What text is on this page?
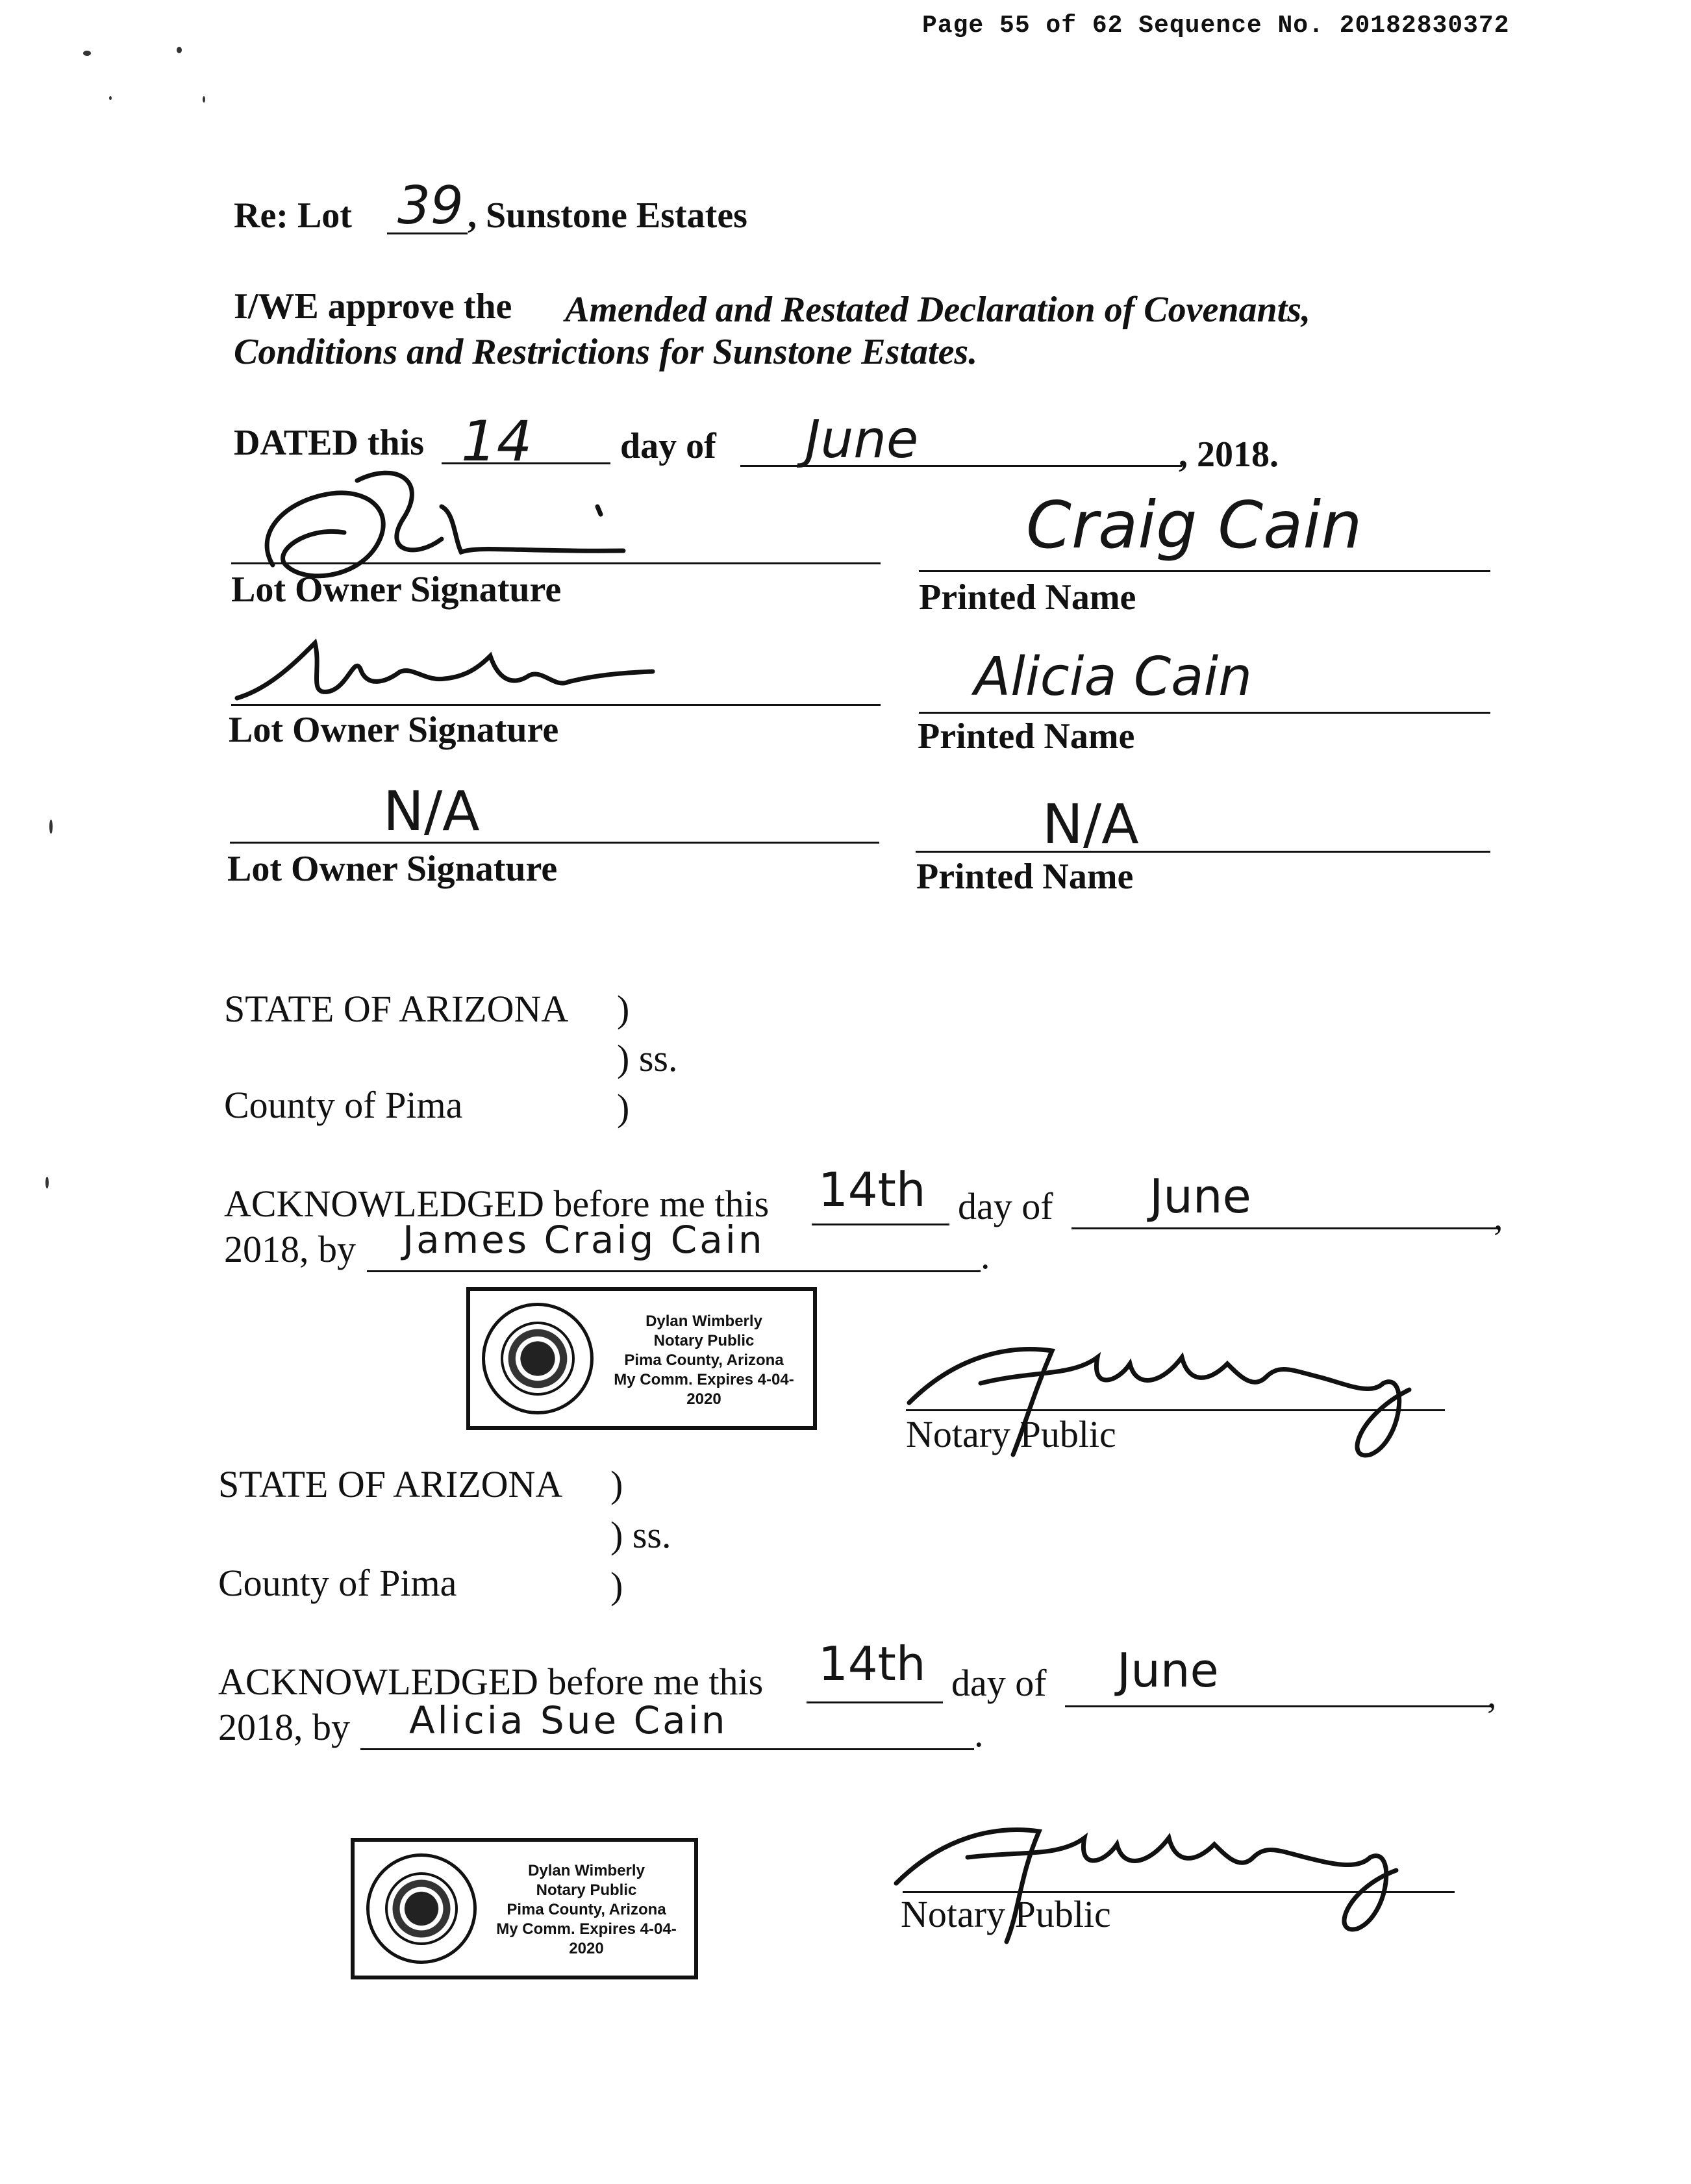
Page 55 of 62 Sequence No. 20182830372
Re: Lot 39 , Sunstone Estates
I/WE approve the Amended and Restated Declaration of Covenants,
Conditions and Restrictions for Sunstone Estates.
DATED this 14 day of June	, 2018.
Lot Owner Signature
Craig Cain
Printed Name
Lot Owner Signature
Alicia Cain
Printed Name
N/A
Lot Owner Signature
N/A
Printed Name
STATE OF ARIZONA )
) ss.
County of Pima	)
ACKNOWLEDGED before me this 14th day of June	,
2018, by James Craig Cain	.
Dylan Wimberly
Notary Public
Pima County, Arizona
My Comm. Expires 4-04-2020
Notary Public
STATE OF ARIZONA )
) ss.
County of Pima	)
ACKNOWLEDGED before me this 14th day of June	,
2018, by Alicia Sue Cain	.
Dylan Wimberly
Notary Public
Pima County, Arizona
My Comm. Expires 4-04-2020
Notary Public
